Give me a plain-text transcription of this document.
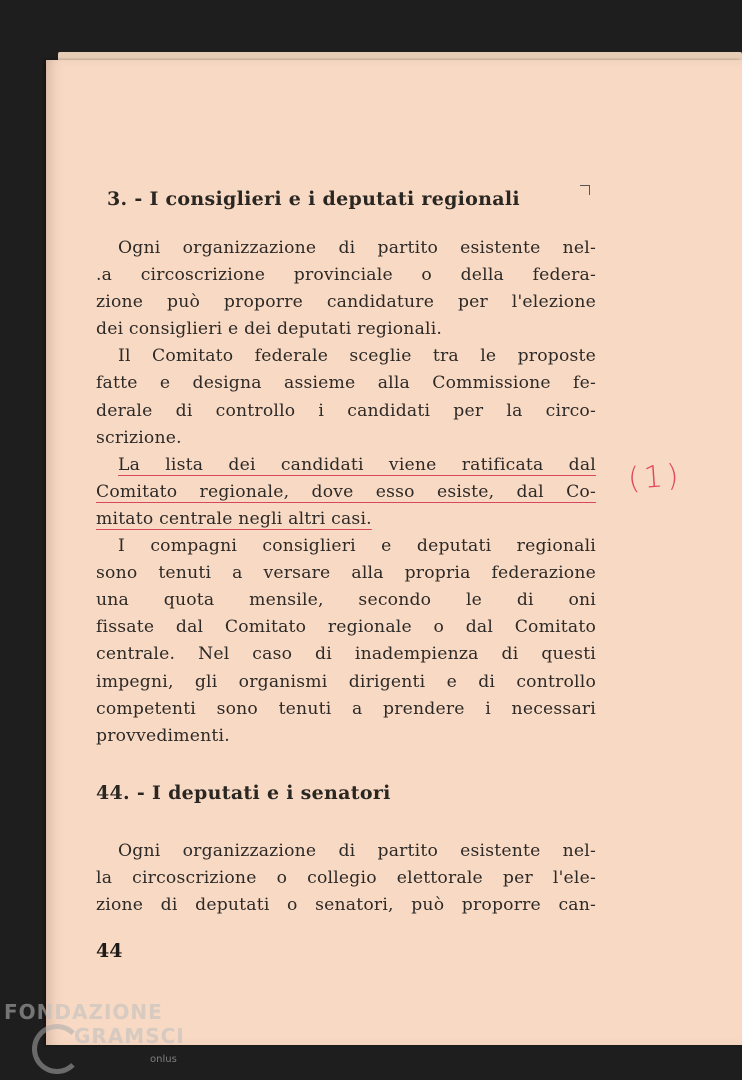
3. - I consiglieri e i deputati regionali
Ogni organizzazione di partito esistente nel-
.a circoscrizione provinciale o della federa-
zione può proporre candidature per l'elezione
dei consiglieri e dei deputati regionali.
Il Comitato federale sceglie tra le proposte
fatte e designa assieme alla Commissione fe-
derale di controllo i candidati per la circo-
scrizione.
La lista dei candidati viene ratificata dal
Comitato regionale, dove esso esiste, dal Co-
mitato centrale negli altri casi.
I compagni consiglieri e deputati regionali
sono tenuti a versare alla propria federazione
una quota mensile, secondo le di oni
fissate dal Comitato regionale o dal Comitato
centrale. Nel caso di inadempienza di questi
impegni, gli organismi dirigenti e di controllo
competenti sono tenuti a prendere i necessari
provvedimenti.
(1)
44. - I deputati e i senatori
Ogni organizzazione di partito esistente nel-
la circoscrizione o collegio elettorale per l'ele-
zione di deputati o senatori, può proporre can-
44
FONDAZIONE
GRAMSCI
onlus
